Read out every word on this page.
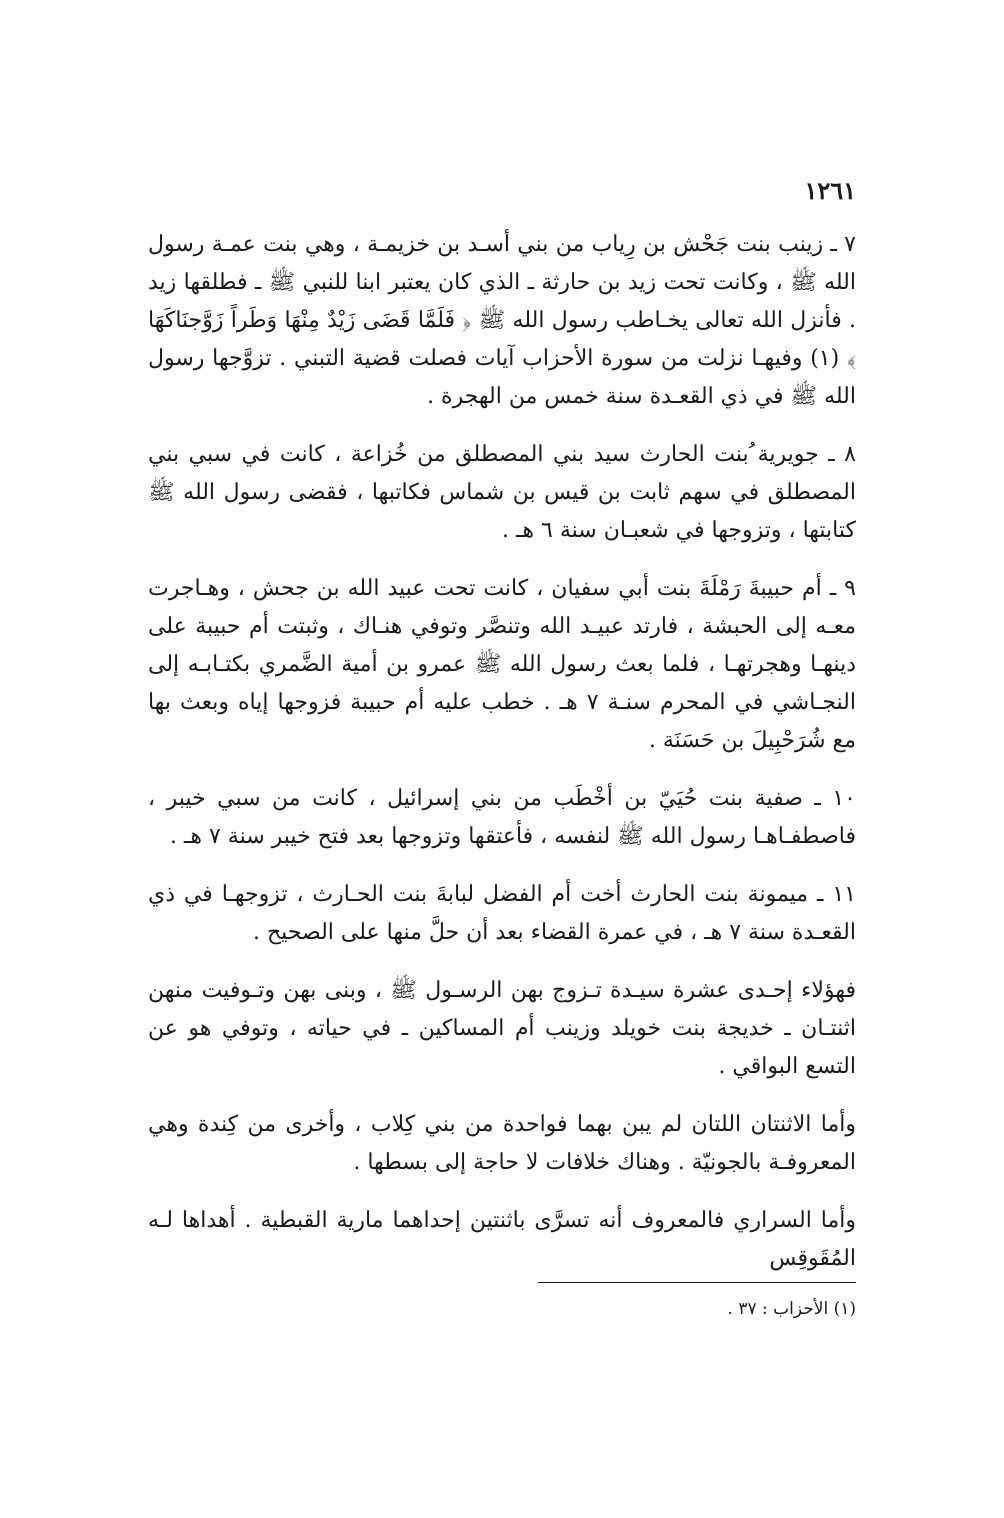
١٢٦١

٧ ـ زينب بنت جَحْش بن رِياب من بني أسـد بن خزيمـة ، وهي بنت عمـة رسول الله ﷺ ، وكانت تحت زيد بن حارثة ـ الذي كان يعتبر ابنا للنبي ﷺ ـ فطلقها زيد . فأنزل الله تعالى يخـاطب رسول الله ﷺ ﴿ فَلَمَّا قَضَى زَيْدٌ مِنْهَا وَطَراً زَوَّجنَاكَهَا ﴾ (١) وفيهـا نزلت من سورة الأحزاب آيات فصلت قضية التبني . تزوَّجها رسول الله ﷺ في ذي القعـدة سنة خمس من الهجرة .

٨ ـ جويرية ُبنت الحارث سيد بني المصطلق من خُزاعة ، كانت في سبي بني المصطلق في سهم ثابت بن قيس بن شماس فكاتبها ، فقضى رسول الله ﷺ كتابتها ، وتزوجها في شعبـان سنة ٦ هـ .

٩ ـ أم حبيبةَ رَمْلَةَ بنت أبي سفيان ، كانت تحت عبيد الله بن جحش ، وهـاجرت معـه إلى الحبشة ، فارتد عبيـد الله وتنصَّر وتوفي هنـاك ، وثبتت أم حبيبة على دينهـا وهجرتهـا ، فلما بعث رسول الله ﷺ عمرو بن أمية الضَّمري بكتـابـه إلى النجـاشي في المحرم سنـة ٧ هـ . خطب عليه أم حبيبة فزوجها إياه وبعث بها مع شُرَحْبِيلَ بن حَسَنَة .

١٠ ـ صفية بنت حُيَيّ بن أخْطَب من بني إسرائيل ، كانت من سبي خيبر ، فاصطفـاهـا رسول الله ﷺ لنفسه ، فأعتقها وتزوجها بعد فتح خيبر سنة ٧ هـ .

١١ ـ ميمونة بنت الحارث أخت أم الفضل لبابةَ بنت الحـارث ، تزوجهـا في ذي القعـدة سنة ٧ هـ ، في عمرة القضاء بعد أن حلَّ منها على الصحيح .

فهؤلاء إحـدى عشرة سيـدة تـزوج بهن الرسـول ﷺ ، وبنى بهن وتـوفيت منهن اثنتـان ـ خديجة بنت خويلد وزينب أم المساكين ـ في حياته ، وتوفي هو عن التسع البواقي .

وأما الاثنتان اللتان لم يبن بهما فواحدة من بني كِلاب ، وأخرى من كِندة وهي المعروفـة بالجونيّة . وهناك خلافات لا حاجة إلى بسطها .

وأما السراري فالمعروف أنه تسرَّى باثنتين إحداهما مارية القبطية . أهداها لـه المُقَوقِس

(١) الأحزاب : ٣٧ .
